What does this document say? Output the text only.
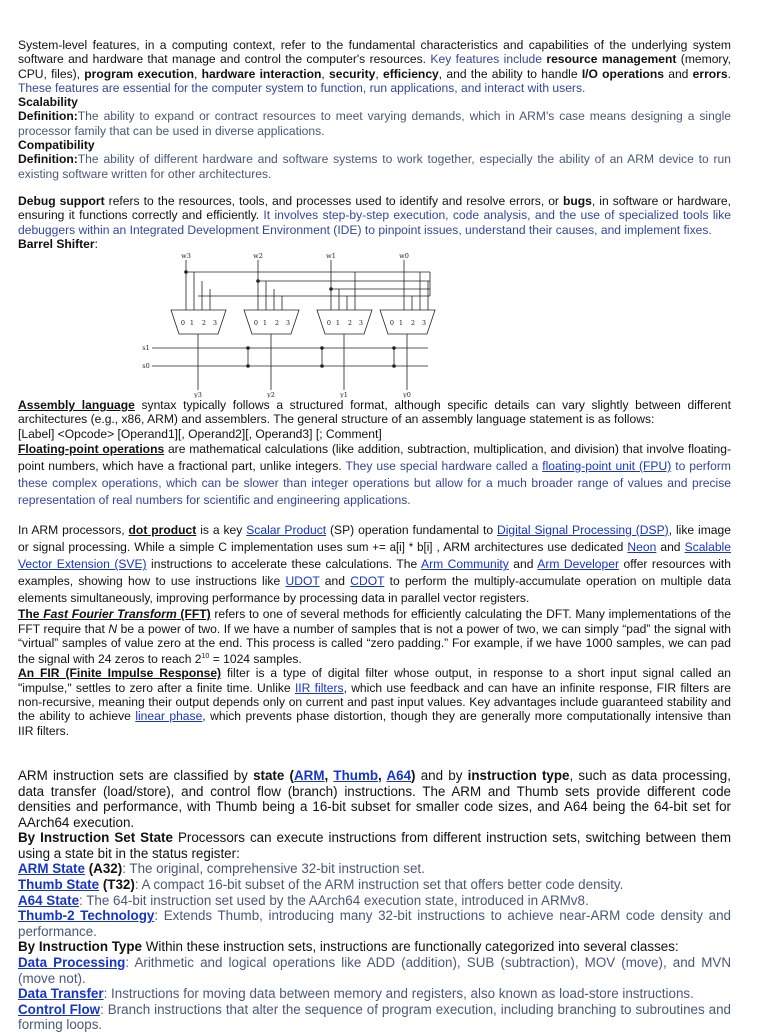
System-level features, in a computing context, refer to the fundamental characteristics and capabilities of the underlying system software and hardware that manage and control the computer's resources. Key features include resource management (memory, CPU, files), program execution, hardware interaction, security, efficiency, and the ability to handle I/O operations and errors. These features are essential for the computer system to function, run applications, and interact with users.

Scalability

Definition:The ability to expand or contract resources to meet varying demands, which in ARM's case means designing a single processor family that can be used in diverse applications.

Compatibility

Definition:The ability of different hardware and software systems to work together, especially the ability of an ARM device to run existing software written for other architectures.

Debug support refers to the resources, tools, and processes used to identify and resolve errors, or bugs, in software or hardware, ensuring it functions correctly and efficiently. It involves step-by-step execution, code analysis, and the use of specialized tools like debuggers within an Integrated Development Environment (IDE) to pinpoint issues, understand their causes, and implement fixes.

Barrel Shifter:

w3	w2	w1	w0
0 1 2 3	0 1 2 3	0 1 2 3	0 1 2 3
s1
s0
y3	y2	y1	y0

Assembly language syntax typically follows a structured format, although specific details can vary slightly between different architectures (e.g., x86, ARM) and assemblers. The general structure of an assembly language statement is as follows:

[Label] <Opcode> [Operand1][, Operand2][, Operand3] [; Comment]

Floating-point operations are mathematical calculations (like addition, subtraction, multiplication, and division) that involve floating-point numbers, which have a fractional part, unlike integers. They use special hardware called a floating-point unit (FPU) to perform these complex operations, which can be slower than integer operations but allow for a much broader range of values and precise representation of real numbers for scientific and engineering applications.

In ARM processors, dot product is a key Scalar Product (SP) operation fundamental to Digital Signal Processing (DSP), like image or signal processing. While a simple C implementation uses sum += a[i] * b[i] , ARM architectures use dedicated Neon and Scalable Vector Extension (SVE) instructions to accelerate these calculations. The Arm Community and Arm Developer offer resources with examples, showing how to use instructions like UDOT and CDOT to perform the multiply-accumulate operation on multiple data elements simultaneously, improving performance by processing data in parallel vector registers.

The Fast Fourier Transform (FFT) refers to one of several methods for efficiently calculating the DFT. Many implementations of the FFT require that N be a power of two. If we have a number of samples that is not a power of two, we can simply “pad” the signal with “virtual” samples of value zero at the end. This process is called “zero padding.” For example, if we have 1000 samples, we can pad the signal with 24 zeros to reach $2^{10} = 1024$ samples.

An FIR (Finite Impulse Response) filter is a type of digital filter whose output, in response to a short input signal called an "impulse," settles to zero after a finite time. Unlike IIR filters, which use feedback and can have an infinite response, FIR filters are non-recursive, meaning their output depends only on current and past input values. Key advantages include guaranteed stability and the ability to achieve linear phase, which prevents phase distortion, though they are generally more computationally intensive than IIR filters.

ARM instruction sets are classified by state (ARM, Thumb, A64) and by instruction type, such as data processing, data transfer (load/store), and control flow (branch) instructions. The ARM and Thumb sets provide different code densities and performance, with Thumb being a 16-bit subset for smaller code sizes, and A64 being the 64-bit set for AArch64 execution.

By Instruction Set State Processors can execute instructions from different instruction sets, switching between them using a state bit in the status register:

ARM State (A32): The original, comprehensive 32-bit instruction set.

Thumb State (T32): A compact 16-bit subset of the ARM instruction set that offers better code density.

A64 State: The 64-bit instruction set used by the AArch64 execution state, introduced in ARMv8.

Thumb-2 Technology: Extends Thumb, introducing many 32-bit instructions to achieve near-ARM code density and performance.

By Instruction Type Within these instruction sets, instructions are functionally categorized into several classes:

Data Processing: Arithmetic and logical operations like ADD (addition), SUB (subtraction), MOV (move), and MVN (move not).

Data Transfer: Instructions for moving data between memory and registers, also known as load-store instructions.

Control Flow: Branch instructions that alter the sequence of program execution, including branching to subroutines and forming loops.
